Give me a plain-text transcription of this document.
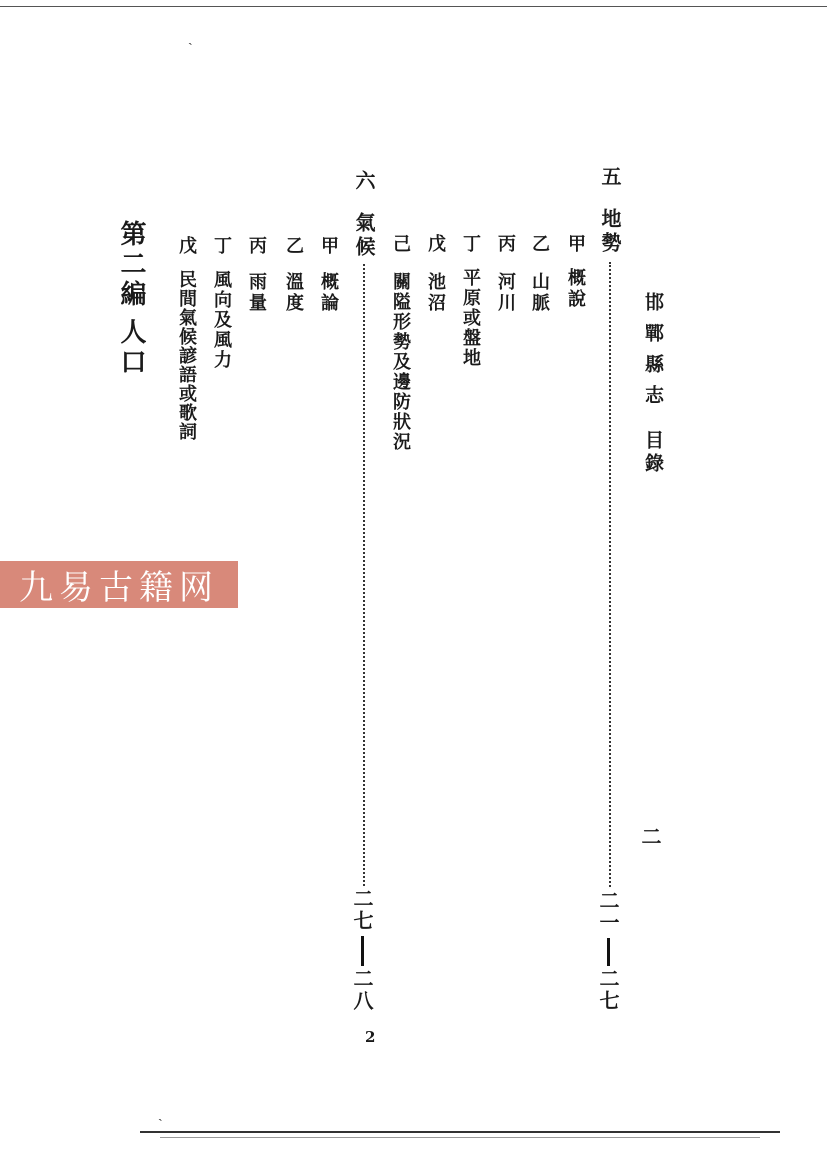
邯鄲縣志
目錄
二
五
地勢
二一
二七
甲
概說
乙
山脈
丙
河川
丁
平原或盤地
戊
池沼
己
關隘形勢及邊防狀況
六
氣候
二七
二八
甲
概論
乙
溫度
丙
雨量
丁
風向及風力
戊
民間氣候諺語或歌詞
第二編
人口
2
九易古籍网
ˎ
ˎ
